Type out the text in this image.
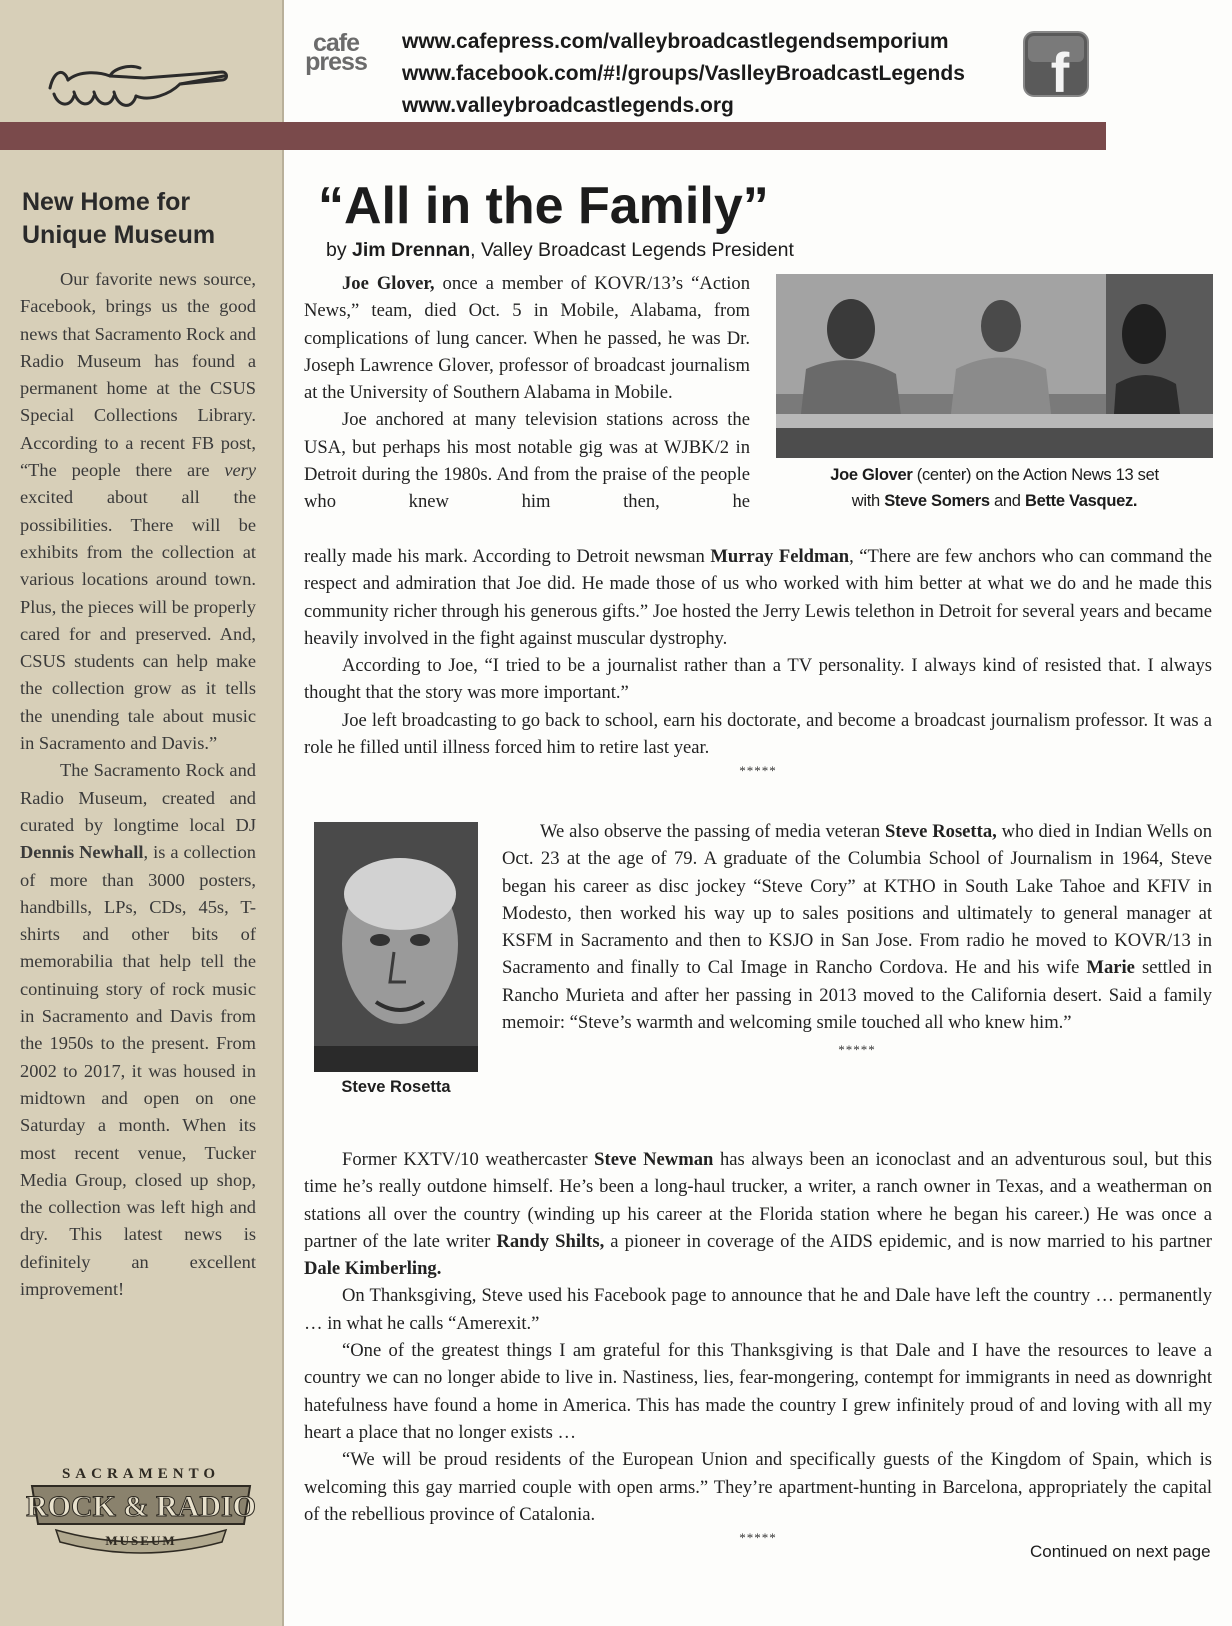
New Home for Unique Museum

Our favorite news source, Facebook, brings us the good news that Sacramento Rock and Radio Museum has found a permanent home at the CSUS Special Collections Library. According to a recent FB post, “The people there are very excited about all the possibilities. There will be exhibits from the collection at various locations around town. Plus, the pieces will be properly cared for and preserved. And, CSUS students can help make the collection grow as it tells the unending tale about music in Sacramento and Davis.”

The Sacramento Rock and Radio Museum, created and curated by longtime local DJ Dennis Newhall, is a collection of more than 3000 posters, handbills, LPs, CDs, 45s, T-shirts and other bits of memorabilia that help tell the continuing story of rock music in Sacramento and Davis from the 1950s to the present. From 2002 to 2017, it was housed in midtown and open on one Saturday a month. When its most recent venue, Tucker Media Group, closed up shop, the collection was left high and dry. This latest news is definitely an excellent improvement!

SACRAMENTO
ROCK & RADIO
MUSEUM
cafe press
www.cafepress.com/valleybroadcastlegendsemporium
www.facebook.com/#!/groups/VaslleyBroadcastLegends
www.valleybroadcastlegends.org
f
“All in the Family”
by Jim Drennan, Valley Broadcast Legends President
Joe Glover (center) on the Action News 13 set
with Steve Somers and Bette Vasquez.

Joe Glover, once a member of KOVR/13’s “Action News,” team, died Oct. 5 in Mobile, Alabama, from complications of lung cancer. When he passed, he was Dr. Joseph Lawrence Glover, professor of broadcast journalism at the University of Southern Alabama in Mobile.

Joe anchored at many television stations across the USA, but perhaps his most notable gig was at WJBK/2 in Detroit during the 1980s. And from the praise of the people who knew him then, he

really made his mark. According to Detroit newsman Murray Feldman, “There are few anchors who can command the respect and admiration that Joe did. He made those of us who worked with him better at what we do and he made this community richer through his generous gifts.” Joe hosted the Jerry Lewis telethon in Detroit for several years and became heavily involved in the fight against muscular dystrophy.

According to Joe, “I tried to be a journalist rather than a TV personality. I always kind of resisted that. I always thought that the story was more important.”

Joe left broadcasting to go back to school, earn his doctorate, and become a broadcast journalism professor. It was a role he filled until illness forced him to retire last year.

*****
Steve Rosetta

We also observe the passing of media veteran Steve Rosetta, who died in Indian Wells on Oct. 23 at the age of 79. A graduate of the Columbia School of Journalism in 1964, Steve began his career as disc jockey “Steve Cory” at KTHO in South Lake Tahoe and KFIV in Modesto, then worked his way up to sales positions and ultimately to general manager at KSFM in Sacramento and then to KSJO in San Jose. From radio he moved to KOVR/13 in Sacramento and finally to Cal Image in Rancho Cordova. He and his wife Marie settled in Rancho Murieta and after her passing in 2013 moved to the California desert. Said a family memoir: “Steve’s warmth and welcoming smile touched all who knew him.”

*****

Former KXTV/10 weathercaster Steve Newman has always been an iconoclast and an adventurous soul, but this time he’s really outdone himself. He’s been a long-haul trucker, a writer, a ranch owner in Texas, and a weatherman on stations all over the country (winding up his career at the Florida station where he began his career.) He was once a partner of the late writer Randy Shilts, a pioneer in coverage of the AIDS epidemic, and is now married to his partner Dale Kimberling.

On Thanksgiving, Steve used his Facebook page to announce that he and Dale have left the country … permanently … in what he calls “Amerexit.”

“One of the greatest things I am grateful for this Thanksgiving is that Dale and I have the resources to leave a country we can no longer abide to live in. Nastiness, lies, fear-mongering, contempt for immigrants in need as downright hatefulness have found a home in America. This has made the country I grew infinitely proud of and loving with all my heart a place that no longer exists …

“We will be proud residents of the European Union and specifically guests of the Kingdom of Spain, which is welcoming this gay married couple with open arms.” They’re apartment-hunting in Barcelona, appropriately the capital of the rebellious province of Catalonia.

*****
Continued on next page
